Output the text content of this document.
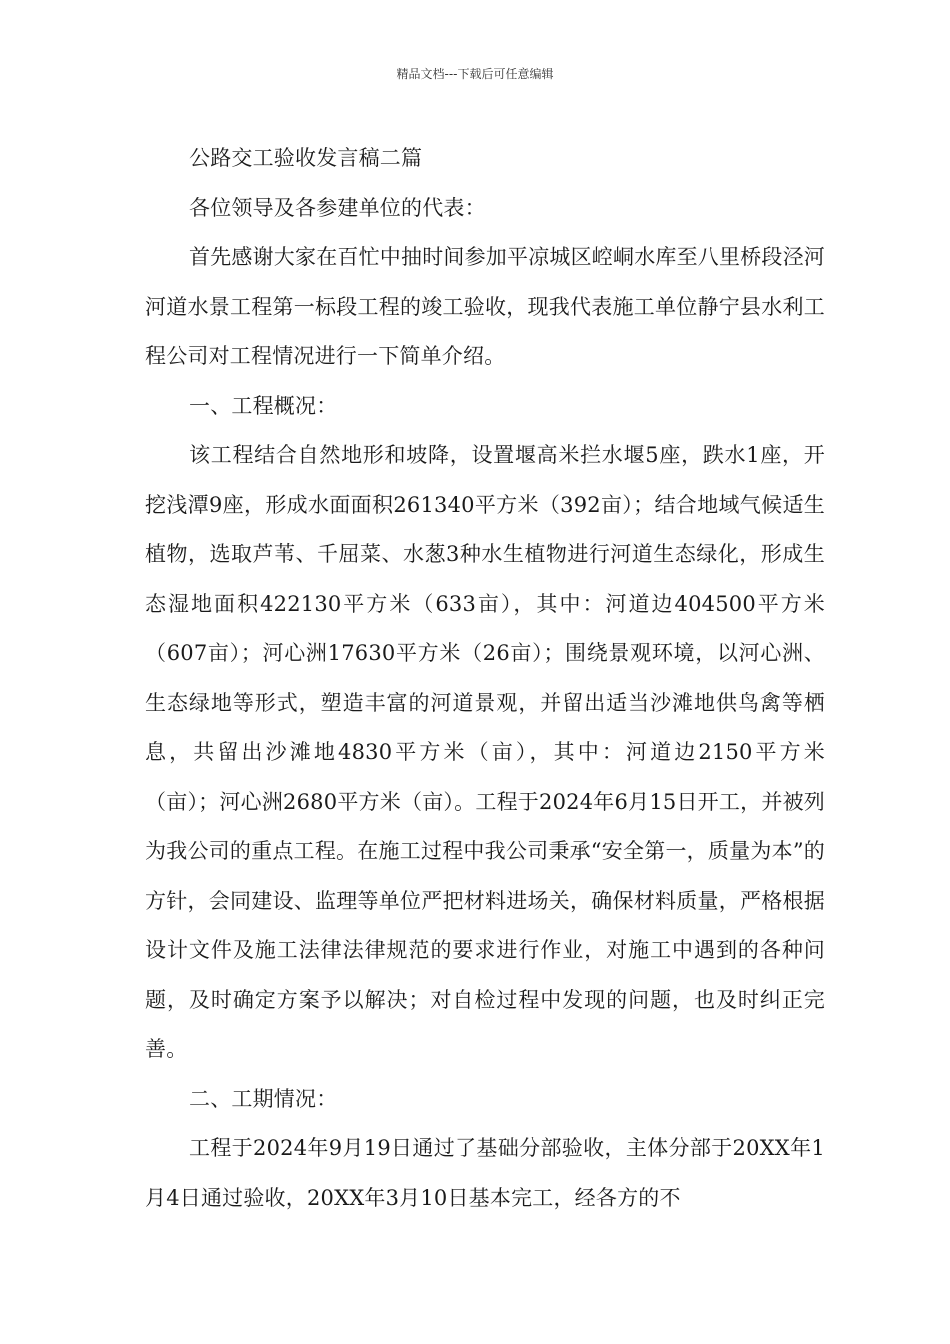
精品文档---下载后可任意编辑

公路交工验收发言稿二篇

各位领导及各参建单位的代表：

首先感谢大家在百忙中抽时间参加平凉城区崆峒水库至八里桥段泾河河道水景工程第一标段工程的竣工验收，现我代表施工单位静宁县水利工程公司对工程情况进行一下简单介绍。

一、工程概况：

该工程结合自然地形和坡降，设置堰高米拦水堰5座，跌水1座，开挖浅潭9座，形成水面面积261340平方米（392亩）；结合地域气候适生植物，选取芦苇、千屈菜、水葱3种水生植物进行河道生态绿化，形成生态湿地面积422130平方米（633亩），其中：河道边404500平方米（607亩）；河心洲17630平方米（26亩）；围绕景观环境，以河心洲、生态绿地等形式，塑造丰富的河道景观，并留出适当沙滩地供鸟禽等栖息，共留出沙滩地4830平方米（亩），其中：河道边2150平方米（亩）；河心洲2680平方米（亩）。工程于2024年6月15日开工，并被列为我公司的重点工程。在施工过程中我公司秉承“安全第一，质量为本”的方针，会同建设、监理等单位严把材料进场关，确保材料质量，严格根据设计文件及施工法律法律规范的要求进行作业，对施工中遇到的各种问题，及时确定方案予以解决；对自检过程中发现的问题，也及时纠正完善。

二、工期情况：

工程于2024年9月19日通过了基础分部验收，主体分部于20XX年1月4日通过验收，20XX年3月10日基本完工，经各方的不
